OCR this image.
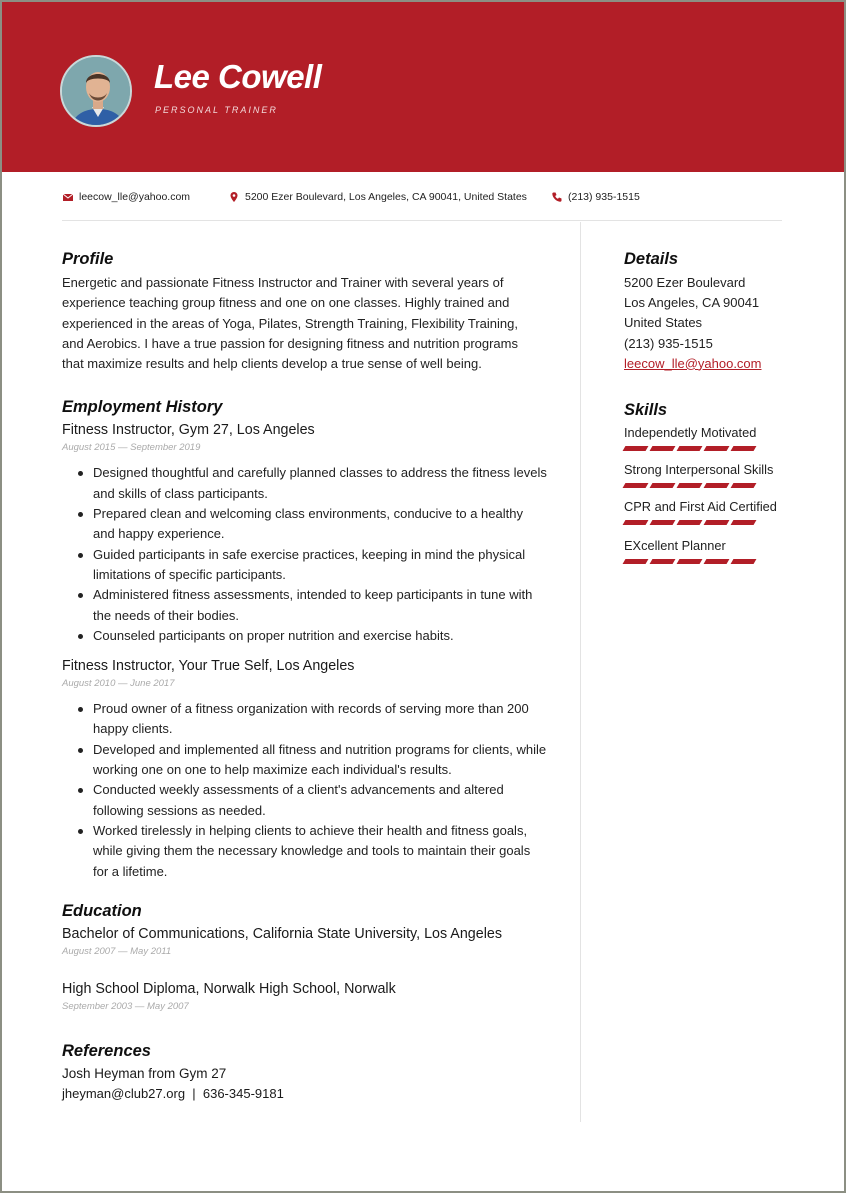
Lee Cowell
PERSONAL TRAINER
leecow_lle@yahoo.com	5200 Ezer Boulevard, Los Angeles, CA 90041, United States	(213) 935-1515
Profile

Energetic and passionate Fitness Instructor and Trainer with several years of experience teaching group fitness and one on one classes. Highly trained and experienced in the areas of Yoga, Pilates, Strength Training, Flexibility Training, and Aerobics. I have a true passion for designing fitness and nutrition programs that maximize results and help clients develop a true sense of well being.

Employment History
Fitness Instructor, Gym 27, Los Angeles
August 2015 — September 2019
Designed thoughtful and carefully planned classes to address the fitness levels and skills of class participants.
Prepared clean and welcoming class environments, conducive to a healthy and happy experience.
Guided participants in safe exercise practices, keeping in mind the physical limitations of specific participants.
Administered fitness assessments, intended to keep participants in tune with the needs of their bodies.
Counseled participants on proper nutrition and exercise habits.
Fitness Instructor, Your True Self, Los Angeles
August 2010 — June 2017
Proud owner of a fitness organization with records of serving more than 200 happy clients.
Developed and implemented all fitness and nutrition programs for clients, while working one on one to help maximize each individual's results.
Conducted weekly assessments of a client's advancements and altered following sessions as needed.
Worked tirelessly in helping clients to achieve their health and fitness goals, while giving them the necessary knowledge and tools to maintain their goals for a lifetime.
Education
Bachelor of Communications, California State University, Los Angeles
August 2007 — May 2011
High School Diploma, Norwalk High School, Norwalk
September 2003 — May 2007
References
Josh Heyman from Gym 27
jheyman@club27.org  |  636-345-9181
Details
5200 Ezer Boulevard
Los Angeles, CA 90041
United States
(213) 935-1515
leecow_lle@yahoo.com
Skills
Independetly Motivated
Strong Interpersonal Skills
CPR and First Aid Certified
EXcellent Planner
